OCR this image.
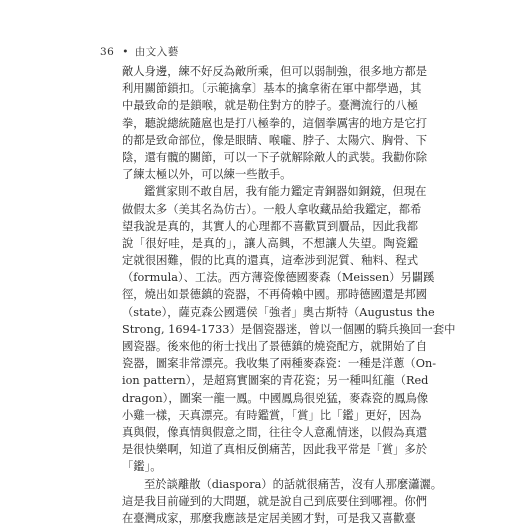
36 • 由文入藝
敵人身邊，練不好反為敵所乘，但可以弱制強，很多地方都是
利用關節鎖扣。〔示範擒拿〕基本的擒拿術在軍中都學過，其
中最致命的是鎖喉，就是勒住對方的脖子。臺灣流行的八極
拳，聽說總統隨扈也是打八極拳的，這個拳厲害的地方是它打
的都是致命部位，像是眼睛、喉嚨、脖子、太陽穴、胸骨、下
陰，還有髖的關節，可以一下子就解除敵人的武裝。我勸你除
了練太極以外，可以練一些散手。
鑑賞家則不敢自居，我有能力鑑定青銅器如銅鏡，但現在
做假太多（美其名為仿古）。一般人拿收藏品給我鑑定，都希
望我說是真的，其實人的心理都不喜歡買到贗品，因此我都
說「很好哇，是真的」，讓人高興，不想讓人失望。陶瓷鑑
定就很困難，假的比真的還真，這牽涉到泥質、釉料、程式
（formula）、工法。西方薄瓷像德國麥森（Meissen）另闢蹊
徑，燒出如景德鎮的瓷器，不再倚賴中國。那時德國還是邦國
（state），薩克森公國選侯「強者」奧古斯特（Augustus the
Strong, 1694-1733）是個瓷器迷，曾以一個團的騎兵換回一套中
國瓷器。後來他的術士找出了景德鎮的燒瓷配方，就開始了自
瓷器，圖案非常漂亮。我收集了兩種麥森瓷：一種是洋蔥（On-
ion pattern），是超寫實圖案的青花瓷；另一種叫紅龍（Red
dragon），圖案一龍一鳳。中國鳳鳥很兇猛，麥森瓷的鳳鳥像
小雞一樣，天真漂亮。有時鑑賞，「賞」比「鑑」更好，因為
真與假，像真情與假意之間，往往令人意亂情迷，以假為真還
是很快樂啊，知道了真相反倒痛苦，因此我平常是「賞」多於
「鑑」。
至於談離散（diaspora）的話就很痛苦，沒有人那麼瀟灑。
這是我目前碰到的大問題，就是說自己到底要住到哪裡。你們
在臺灣成家，那麼我應該是定居美國才對，可是我又喜歡臺
